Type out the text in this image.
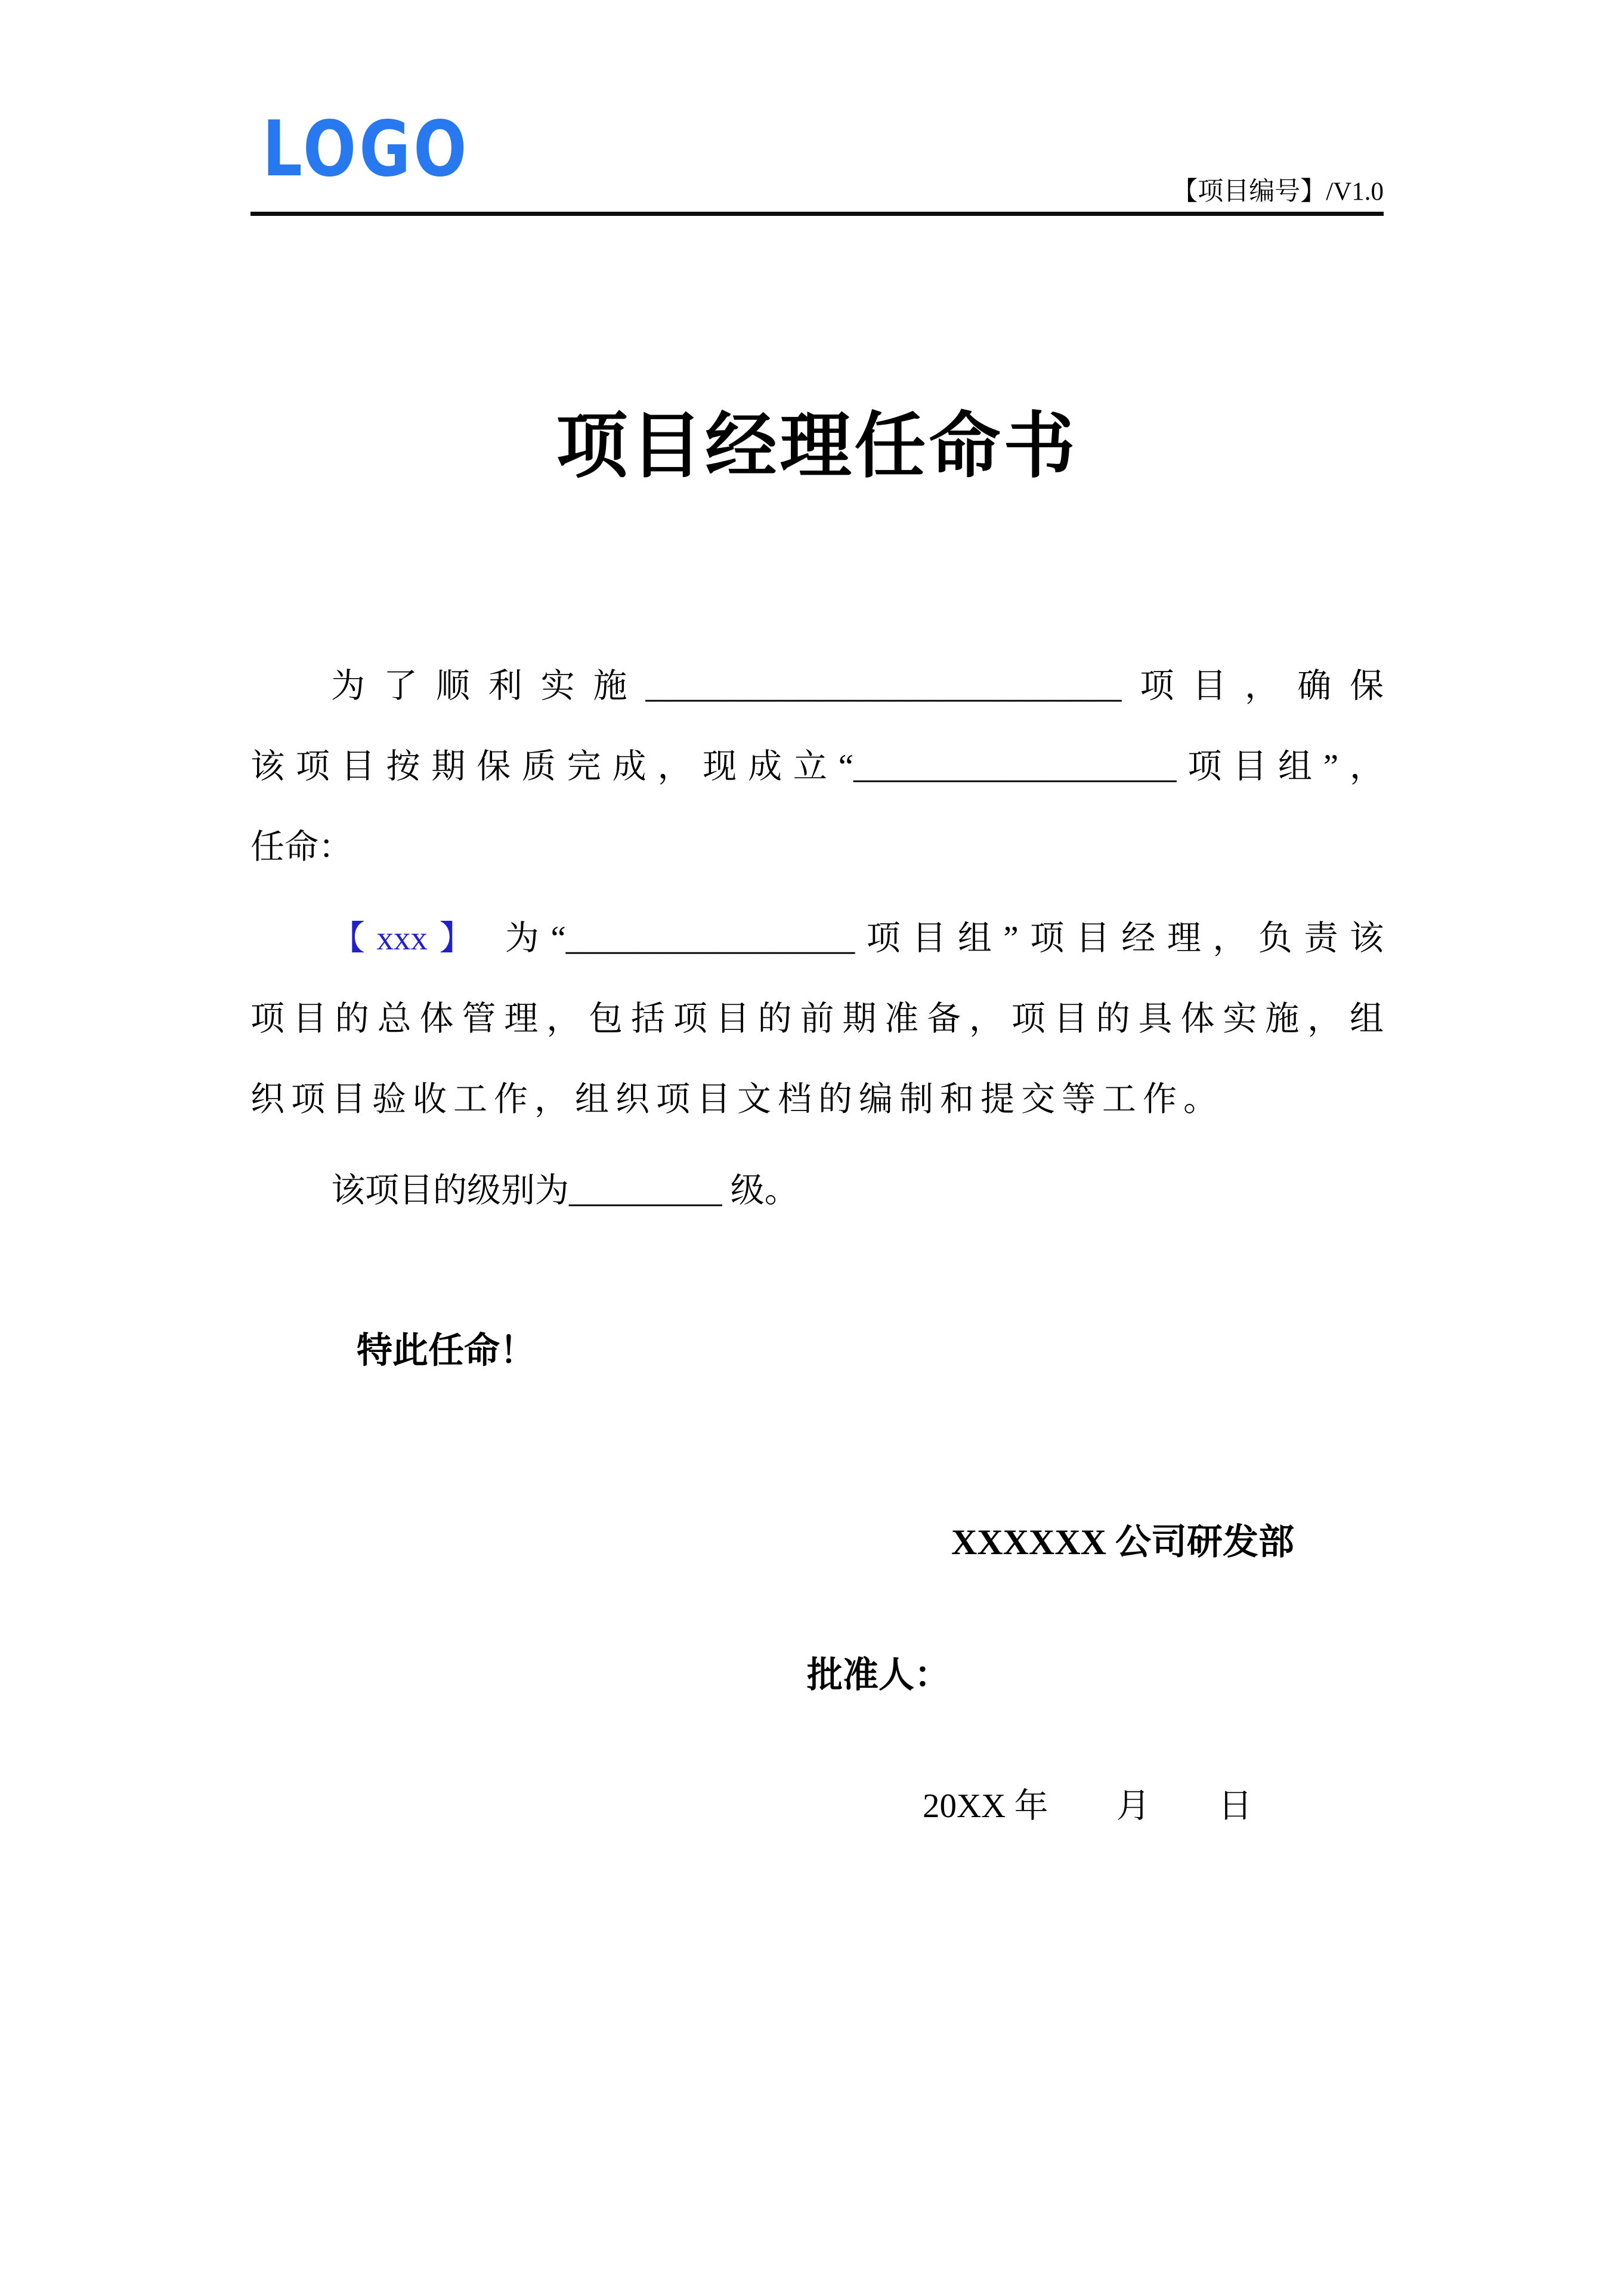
LOGO	【项目编号】/V1.0
项目经理任命书
为了顺利实施____________________________项目，确保
该项目按期保质完成，现成立“___________________项目组”，
任命：
【xxx】 为“_________________项目组”项目经理，负责该
项目的总体管理，包括项目的前期准备，项目的具体实施，组
织项目验收工作，组织项目文档的编制和提交等工作。
该项目的级别为_________ 级。
特此任命！
XXXXXX 公司研发部
批准人：
20XX 年　　月　　日
